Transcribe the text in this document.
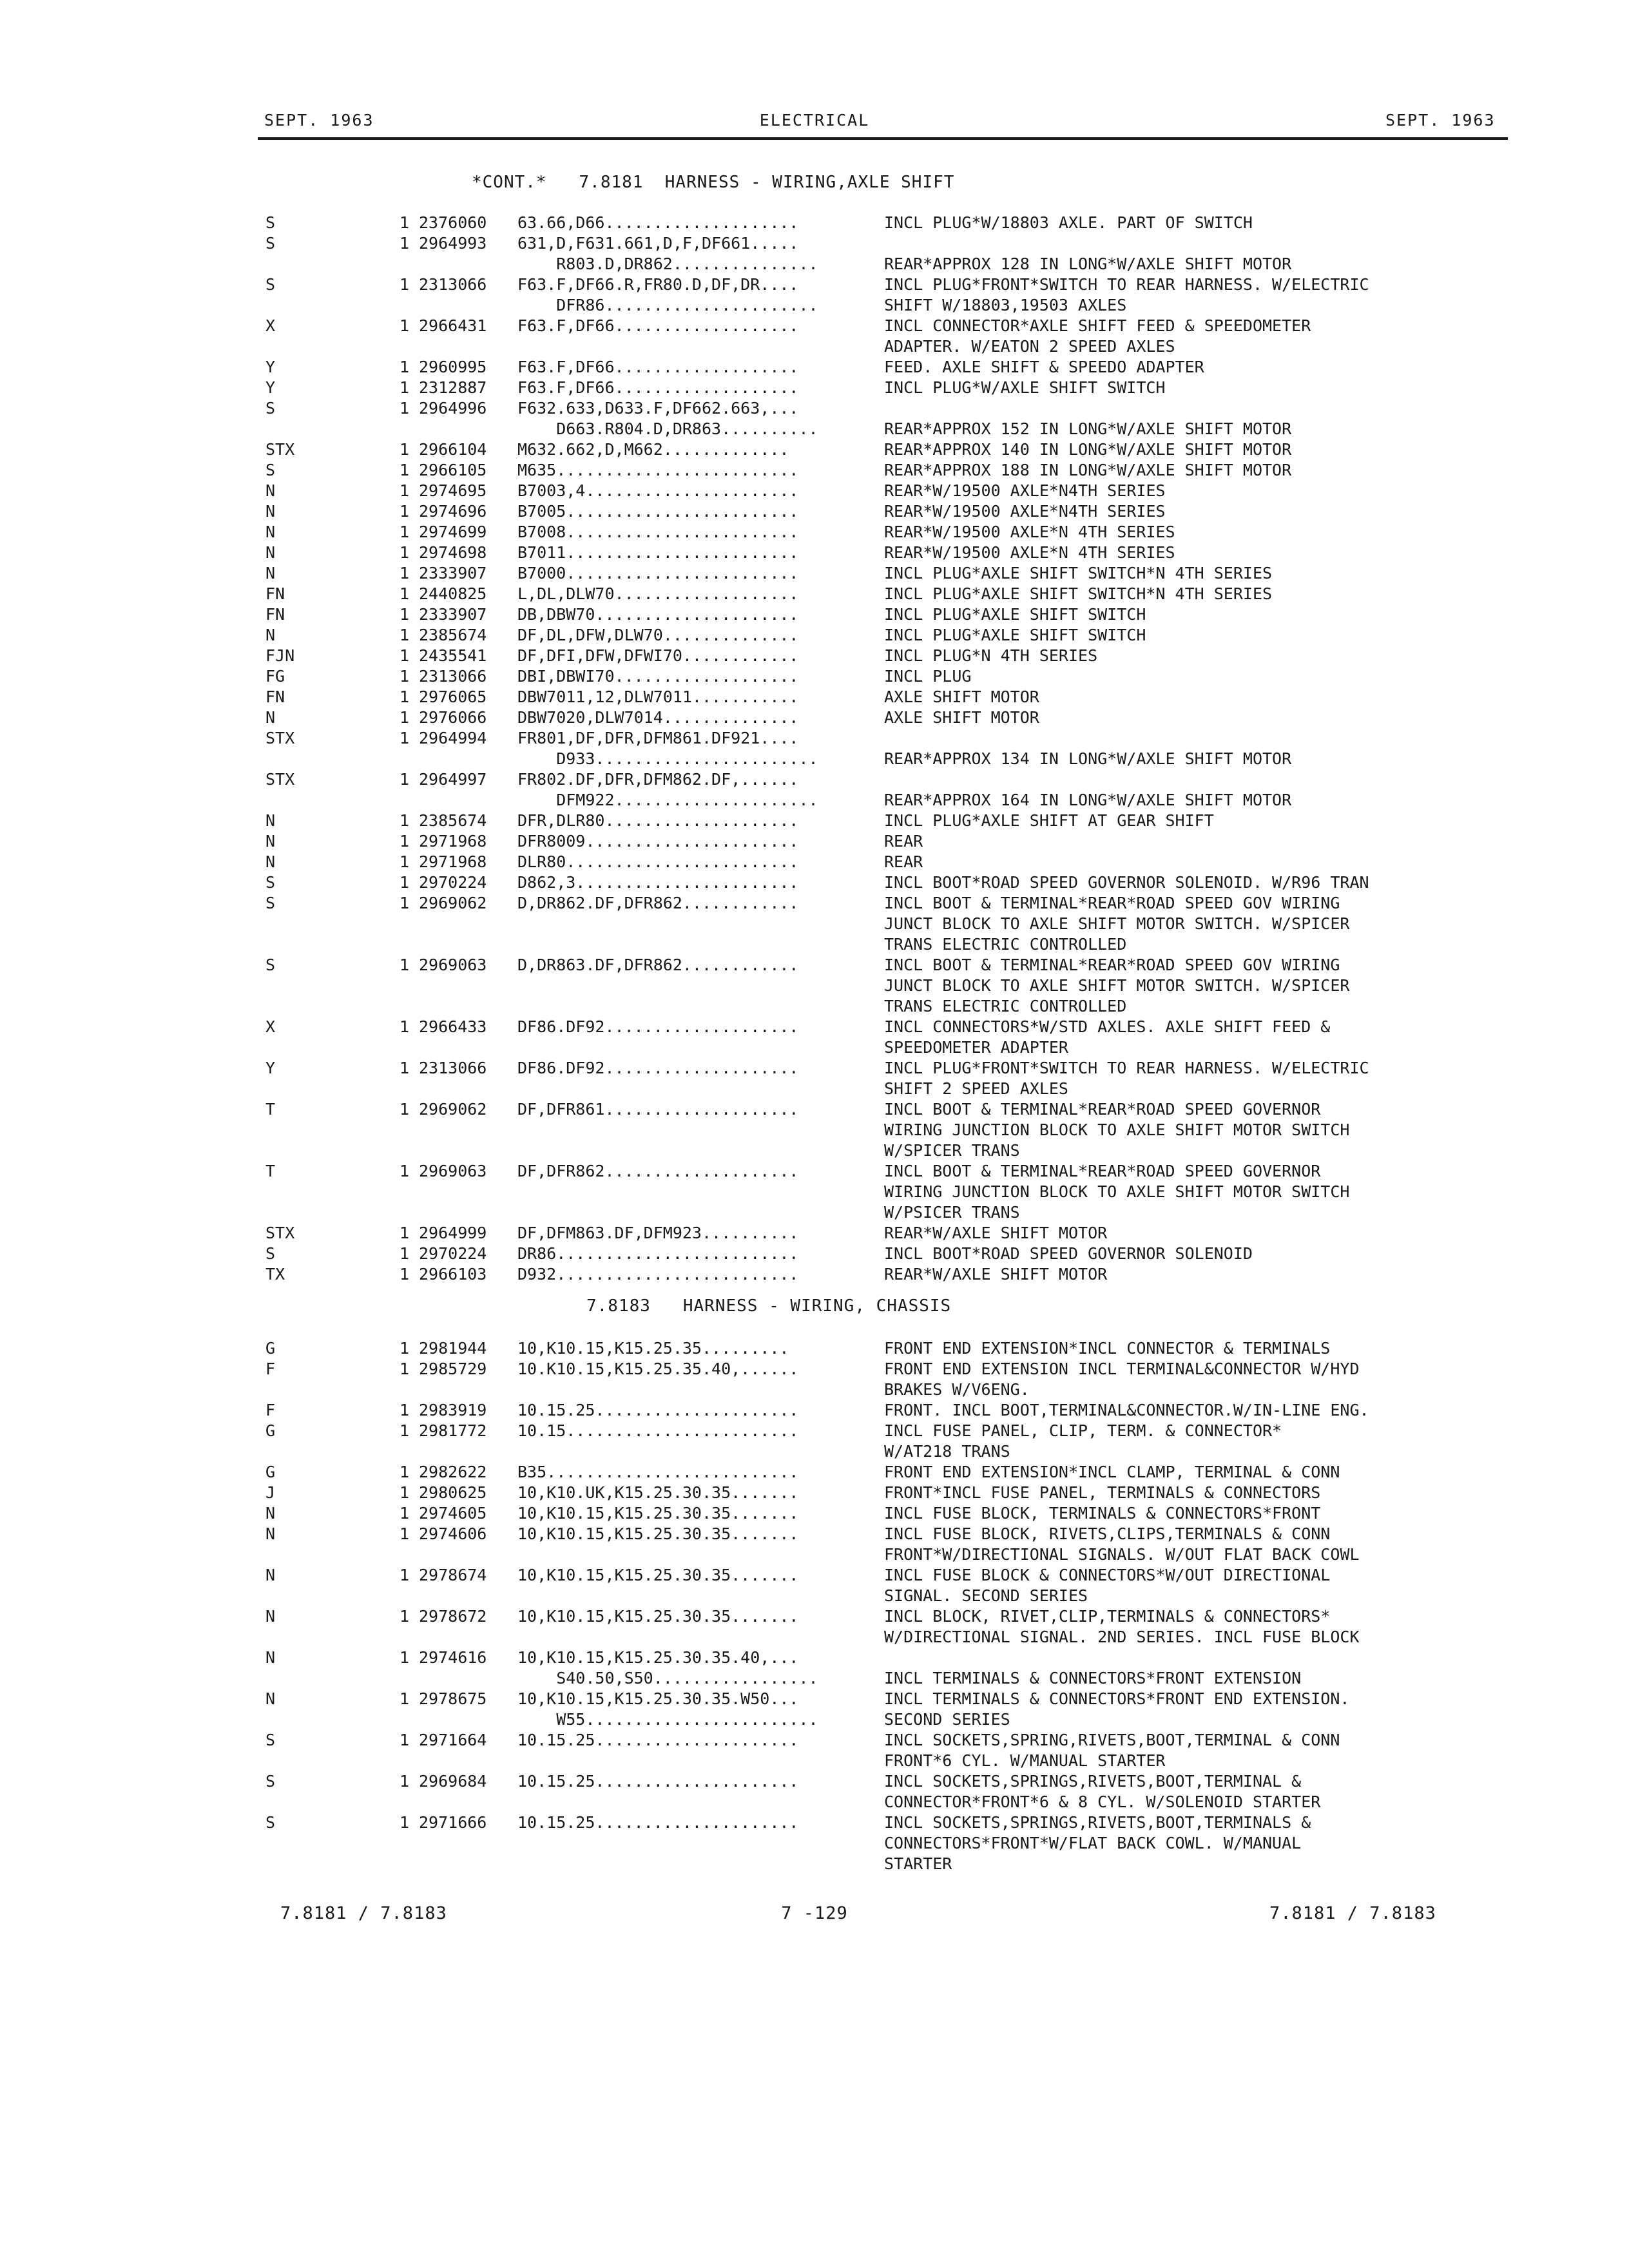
SEPT. 1963	ELECTRICAL	SEPT. 1963
*CONT.*   7.8181  HARNESS - WIRING,AXLE SHIFT
S	1 2376060 63.66,D66....................	INCL PLUG*W/18803 AXLE. PART OF SWITCH
S	1 2964993 631,D,F631.661,D,F,DF661.....
R803.D,DR862...............	REAR*APPROX 128 IN LONG*W/AXLE SHIFT MOTOR
S	1 2313066 F63.F,DF66.R,FR80.D,DF,DR....	INCL PLUG*FRONT*SWITCH TO REAR HARNESS. W/ELECTRIC
DFR86......................	SHIFT W/18803,19503 AXLES
X	1 2966431 F63.F,DF66...................	INCL CONNECTOR*AXLE SHIFT FEED & SPEEDOMETER
ADAPTER. W/EATON 2 SPEED AXLES
Y	1 2960995 F63.F,DF66...................	FEED. AXLE SHIFT & SPEEDO ADAPTER
Y	1 2312887 F63.F,DF66...................	INCL PLUG*W/AXLE SHIFT SWITCH
S	1 2964996 F632.633,D633.F,DF662.663,...
D663.R804.D,DR863..........	REAR*APPROX 152 IN LONG*W/AXLE SHIFT MOTOR
STX	1 2966104 M632.662,D,M662.............	REAR*APPROX 140 IN LONG*W/AXLE SHIFT MOTOR
S	1 2966105 M635.........................	REAR*APPROX 188 IN LONG*W/AXLE SHIFT MOTOR
N	1 2974695 B7003,4......................	REAR*W/19500 AXLE*N4TH SERIES
N	1 2974696 B7005........................	REAR*W/19500 AXLE*N4TH SERIES
N	1 2974699 B7008........................	REAR*W/19500 AXLE*N 4TH SERIES
N	1 2974698 B7011........................	REAR*W/19500 AXLE*N 4TH SERIES
N	1 2333907 B7000........................	INCL PLUG*AXLE SHIFT SWITCH*N 4TH SERIES
FN	1 2440825 L,DL,DLW70...................	INCL PLUG*AXLE SHIFT SWITCH*N 4TH SERIES
FN	1 2333907 DB,DBW70.....................	INCL PLUG*AXLE SHIFT SWITCH
N	1 2385674 DF,DL,DFW,DLW70..............	INCL PLUG*AXLE SHIFT SWITCH
FJN	1 2435541 DF,DFI,DFW,DFWI70............	INCL PLUG*N 4TH SERIES
FG	1 2313066 DBI,DBWI70...................	INCL PLUG
FN	1 2976065 DBW7011,12,DLW7011...........	AXLE SHIFT MOTOR
N	1 2976066 DBW7020,DLW7014..............	AXLE SHIFT MOTOR
STX	1 2964994 FR801,DF,DFR,DFM861.DF921....
D933.......................	REAR*APPROX 134 IN LONG*W/AXLE SHIFT MOTOR
STX	1 2964997 FR802.DF,DFR,DFM862.DF,......
DFM922.....................	REAR*APPROX 164 IN LONG*W/AXLE SHIFT MOTOR
N	1 2385674 DFR,DLR80....................	INCL PLUG*AXLE SHIFT AT GEAR SHIFT
N	1 2971968 DFR8009......................	REAR
N	1 2971968 DLR80........................	REAR
S	1 2970224 D862,3.......................	INCL BOOT*ROAD SPEED GOVERNOR SOLENOID. W/R96 TRAN
S	1 2969062 D,DR862.DF,DFR862............	INCL BOOT & TERMINAL*REAR*ROAD SPEED GOV WIRING
JUNCT BLOCK TO AXLE SHIFT MOTOR SWITCH. W/SPICER
TRANS ELECTRIC CONTROLLED
S	1 2969063 D,DR863.DF,DFR862............	INCL BOOT & TERMINAL*REAR*ROAD SPEED GOV WIRING
JUNCT BLOCK TO AXLE SHIFT MOTOR SWITCH. W/SPICER
TRANS ELECTRIC CONTROLLED
X	1 2966433 DF86.DF92....................	INCL CONNECTORS*W/STD AXLES. AXLE SHIFT FEED &
SPEEDOMETER ADAPTER
Y	1 2313066 DF86.DF92....................	INCL PLUG*FRONT*SWITCH TO REAR HARNESS. W/ELECTRIC
SHIFT 2 SPEED AXLES
T	1 2969062 DF,DFR861....................	INCL BOOT & TERMINAL*REAR*ROAD SPEED GOVERNOR
WIRING JUNCTION BLOCK TO AXLE SHIFT MOTOR SWITCH
W/SPICER TRANS
T	1 2969063 DF,DFR862....................	INCL BOOT & TERMINAL*REAR*ROAD SPEED GOVERNOR
WIRING JUNCTION BLOCK TO AXLE SHIFT MOTOR SWITCH
W/PSICER TRANS
STX	1 2964999 DF,DFM863.DF,DFM923..........	REAR*W/AXLE SHIFT MOTOR
S	1 2970224 DR86.........................	INCL BOOT*ROAD SPEED GOVERNOR SOLENOID
TX	1 2966103 D932.........................	REAR*W/AXLE SHIFT MOTOR
7.8183   HARNESS - WIRING, CHASSIS
G	1 2981944 10,K10.15,K15.25.35.........	FRONT END EXTENSION*INCL CONNECTOR & TERMINALS
F	1 2985729 10.K10.15,K15.25.35.40,......	FRONT END EXTENSION INCL TERMINAL&CONNECTOR W/HYD
BRAKES W/V6ENG.
F	1 2983919 10.15.25.....................	FRONT. INCL BOOT,TERMINAL&CONNECTOR.W/IN-LINE ENG.
G	1 2981772 10.15........................	INCL FUSE PANEL, CLIP, TERM. & CONNECTOR*
W/AT218 TRANS
G	1 2982622 B35..........................	FRONT END EXTENSION*INCL CLAMP, TERMINAL & CONN
J	1 2980625 10,K10.UK,K15.25.30.35.......	FRONT*INCL FUSE PANEL, TERMINALS & CONNECTORS
N	1 2974605 10,K10.15,K15.25.30.35.......	INCL FUSE BLOCK, TERMINALS & CONNECTORS*FRONT
N	1 2974606 10,K10.15,K15.25.30.35.......	INCL FUSE BLOCK, RIVETS,CLIPS,TERMINALS & CONN
FRONT*W/DIRECTIONAL SIGNALS. W/OUT FLAT BACK COWL
N	1 2978674 10,K10.15,K15.25.30.35.......	INCL FUSE BLOCK & CONNECTORS*W/OUT DIRECTIONAL
SIGNAL. SECOND SERIES
N	1 2978672 10,K10.15,K15.25.30.35.......	INCL BLOCK, RIVET,CLIP,TERMINALS & CONNECTORS*
W/DIRECTIONAL SIGNAL. 2ND SERIES. INCL FUSE BLOCK
N	1 2974616 10,K10.15,K15.25.30.35.40,...
S40.50,S50.................	INCL TERMINALS & CONNECTORS*FRONT EXTENSION
N	1 2978675 10,K10.15,K15.25.30.35.W50...	INCL TERMINALS & CONNECTORS*FRONT END EXTENSION.
W55........................	SECOND SERIES
S	1 2971664 10.15.25.....................	INCL SOCKETS,SPRING,RIVETS,BOOT,TERMINAL & CONN
FRONT*6 CYL. W/MANUAL STARTER
S	1 2969684 10.15.25.....................	INCL SOCKETS,SPRINGS,RIVETS,BOOT,TERMINAL &
CONNECTOR*FRONT*6 & 8 CYL. W/SOLENOID STARTER
S	1 2971666 10.15.25.....................	INCL SOCKETS,SPRINGS,RIVETS,BOOT,TERMINALS &
CONNECTORS*FRONT*W/FLAT BACK COWL. W/MANUAL
STARTER
7.8181 / 7.8183	7 -129	7.8181 / 7.8183
